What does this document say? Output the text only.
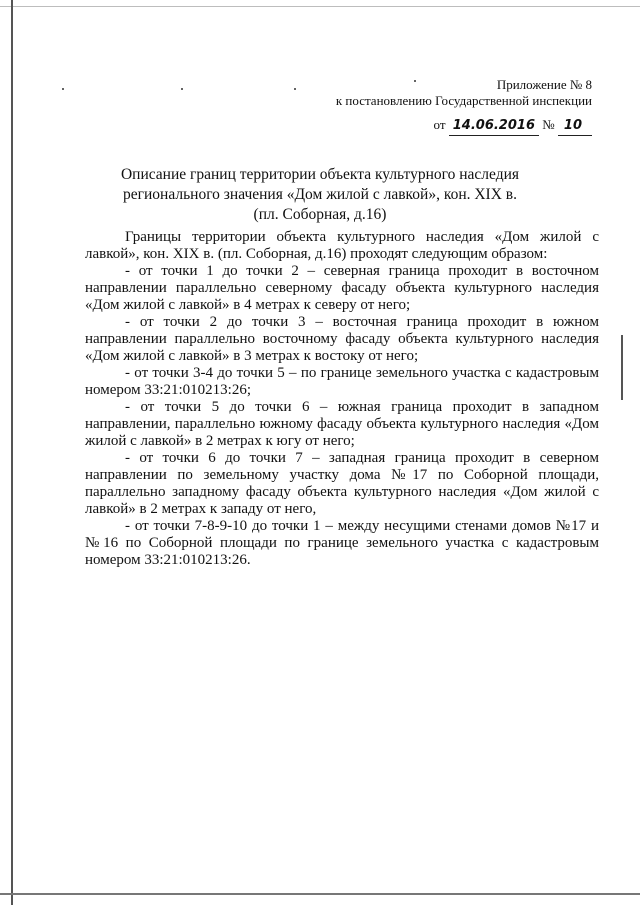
Приложение № 8
к постановлению Государственной инспекции
от 14.06.2016 № 10
Описание границ территории объекта культурного наследия
регионального значения «Дом жилой с лавкой», кон. XIX в.
(пл. Соборная, д.16)

Границы территории объекта культурного наследия «Дом жилой с лавкой», кон. XIX в. (пл. Соборная, д.16) проходят следующим образом:

- от точки 1 до точки 2 – северная граница проходит в восточном направлении параллельно северному фасаду объекта культурного наследия «Дом жилой с лавкой» в 4 метрах к северу от него;

- от точки 2 до точки 3 – восточная граница проходит в южном направлении параллельно восточному фасаду объекта культурного наследия «Дом жилой с лавкой» в 3 метрах к востоку от него;

- от точки 3-4 до точки 5 – по границе земельного участка с кадастровым номером 33:21:010213:26;

- от точки 5 до точки 6 – южная граница проходит в западном направлении, параллельно южному фасаду объекта культурного наследия «Дом жилой с лавкой» в 2 метрах к югу от него;

- от точки 6 до точки 7 – западная граница проходит в северном направлении по земельному участку дома №17 по Соборной площади, параллельно западному фасаду объекта культурного наследия «Дом жилой с лавкой» в 2 метрах к западу от него,

- от точки 7-8-9-10 до точки 1 – между несущими стенами домов №17 и №16 по Соборной площади по границе земельного участка с кадастровым номером 33:21:010213:26.
